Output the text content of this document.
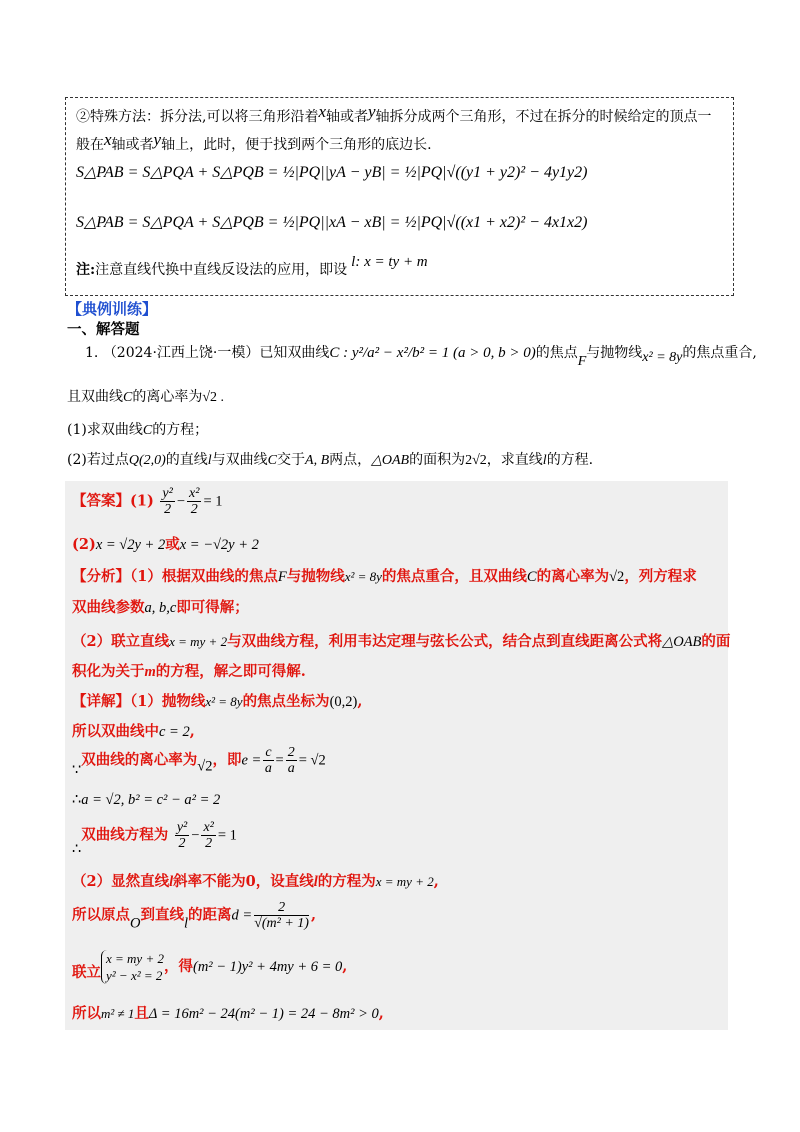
②特殊方法：拆分法,可以将三角形沿着x轴或者y轴拆分成两个三角形，不过在拆分的时候给定的顶点一
般在x轴或者y轴上，此时，便于找到两个三角形的底边长.
S△PAB = S△PQA + S△PQB = ½|PQ||yA − yB| = ½|PQ|√((y1 + y2)² − 4y1y2)
S△PAB = S△PQA + S△PQB = ½|PQ||xA − xB| = ½|PQ|√((x1 + x2)² − 4x1x2)
注:注意直线代换中直线反设法的应用，即设 l: x = ty + m
【典例训练】
一、解答题
1. （2024·江西上饶·一模）已知双曲线C : y²/a² − x²/b² = 1 (a > 0, b > 0)的焦点F与抛物线x² = 8y的焦点重合,
且双曲线C的离心率为√2 .
(1)求双曲线C的方程；
(2)若过点Q(2,0)的直线l与双曲线C交于A, B两点，△OAB的面积为2√2，求直线l的方程.
【答案】$(1) \frac{\text{y²}}{2} - \frac{\text{x²}}{2} = 1$
(2)x = √2y + 2或x = −√2y + 2
【分析】（1）根据双曲线的焦点F与抛物线x² = 8y的焦点重合，且双曲线C的离心率为√2，列方程求
双曲线参数a, b,c即可得解；
（2）联立直线x = my + 2与双曲线方程，利用韦达定理与弦长公式，结合点到直线距离公式将△OAB的面
积化为关于m的方程，解之即可得解.
【详解】（1）抛物线x² = 8y的焦点坐标为(0,2),
所以双曲线中c = 2,
∵双曲线的离心率为√2，即$e = \frac{c}{a} = \frac{2}{a} = √2$
∴a = √2, b² = c² − a² = 2
∴双曲线方程为 $\frac{\text{y²}}{2} - \frac{\text{x²}}{2} = 1$
（2）显然直线l斜率不能为0，设直线l的方程为x = my + 2,
所以原点O到直线l的距离$d = \frac{2}{\text{√(m² + 1)}}$ ,
联立
x = my + 2
y² − x² = 2
，得(m² − 1)y² + 4my + 6 = 0,
所以m² ≠ 1且Δ = 16m² − 24(m² − 1) = 24 − 8m² > 0,
